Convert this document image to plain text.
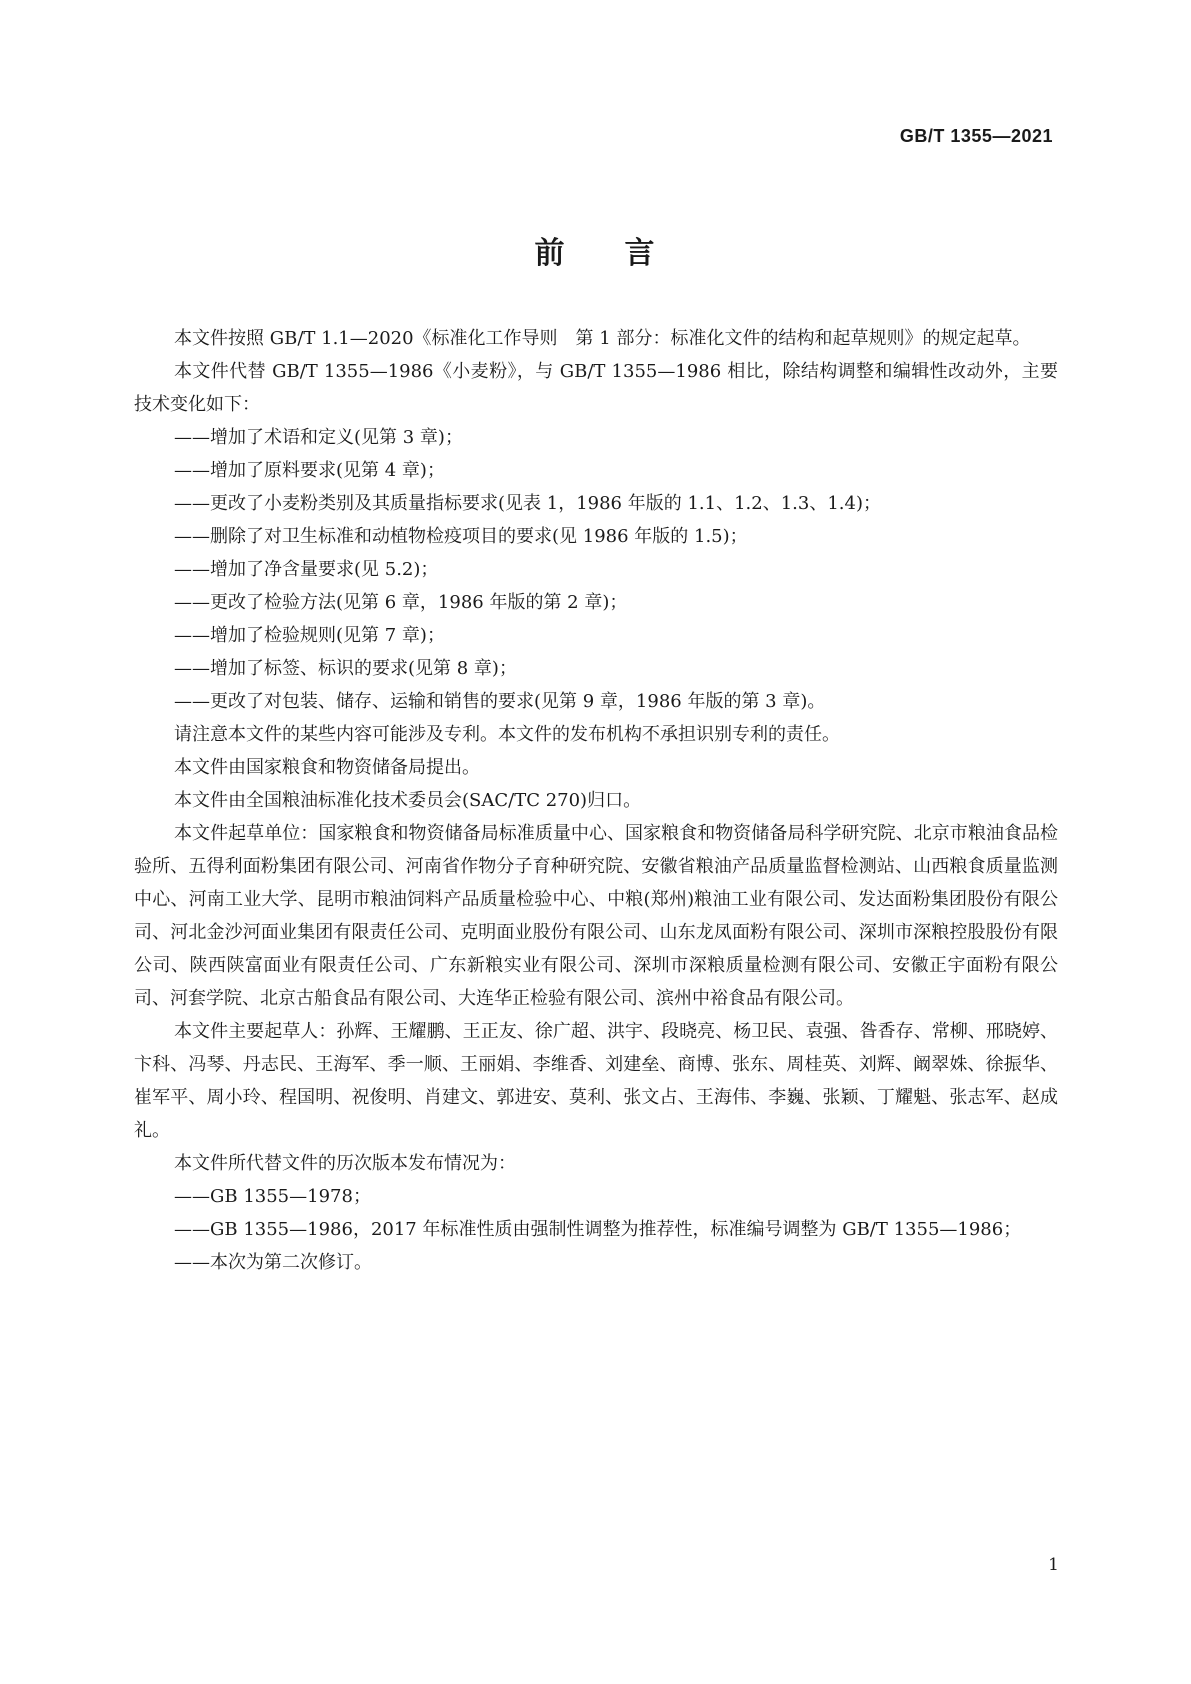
GB/T 1355—2021
前 言

本文件按照 GB/T 1.1—2020《标准化工作导则　第 1 部分：标准化文件的结构和起草规则》的规定起草。

本文件代替 GB/T 1355—1986《小麦粉》，与 GB/T 1355—1986 相比，除结构调整和编辑性改动外，主要技术变化如下：

——增加了术语和定义(见第 3 章)；

——增加了原料要求(见第 4 章)；

——更改了小麦粉类别及其质量指标要求(见表 1，1986 年版的 1.1、1.2、1.3、1.4)；

——删除了对卫生标准和动植物检疫项目的要求(见 1986 年版的 1.5)；

——增加了净含量要求(见 5.2)；

——更改了检验方法(见第 6 章，1986 年版的第 2 章)；

——增加了检验规则(见第 7 章)；

——增加了标签、标识的要求(见第 8 章)；

——更改了对包装、储存、运输和销售的要求(见第 9 章，1986 年版的第 3 章)。

请注意本文件的某些内容可能涉及专利。本文件的发布机构不承担识别专利的责任。

本文件由国家粮食和物资储备局提出。

本文件由全国粮油标准化技术委员会(SAC/TC 270)归口。

本文件起草单位：国家粮食和物资储备局标准质量中心、国家粮食和物资储备局科学研究院、北京市粮油食品检验所、五得利面粉集团有限公司、河南省作物分子育种研究院、安徽省粮油产品质量监督检测站、山西粮食质量监测中心、河南工业大学、昆明市粮油饲料产品质量检验中心、中粮(郑州)粮油工业有限公司、发达面粉集团股份有限公司、河北金沙河面业集团有限责任公司、克明面业股份有限公司、山东龙凤面粉有限公司、深圳市深粮控股股份有限公司、陕西陕富面业有限责任公司、广东新粮实业有限公司、深圳市深粮质量检测有限公司、安徽正宇面粉有限公司、河套学院、北京古船食品有限公司、大连华正检验有限公司、滨州中裕食品有限公司。

本文件主要起草人：孙辉、王耀鹏、王正友、徐广超、洪宇、段晓亮、杨卫民、袁强、昝香存、常柳、邢晓婷、卞科、冯琴、丹志民、王海军、季一顺、王丽娟、李维香、刘建垒、商博、张东、周桂英、刘辉、阚翠姝、徐振华、崔军平、周小玲、程国明、祝俊明、肖建文、郭进安、莫利、张文占、王海伟、李巍、张颖、丁耀魁、张志军、赵成礼。

本文件所代替文件的历次版本发布情况为：

——GB 1355—1978；

——GB 1355—1986，2017 年标准性质由强制性调整为推荐性，标准编号调整为 GB/T 1355—1986；

——本次为第二次修订。

1
